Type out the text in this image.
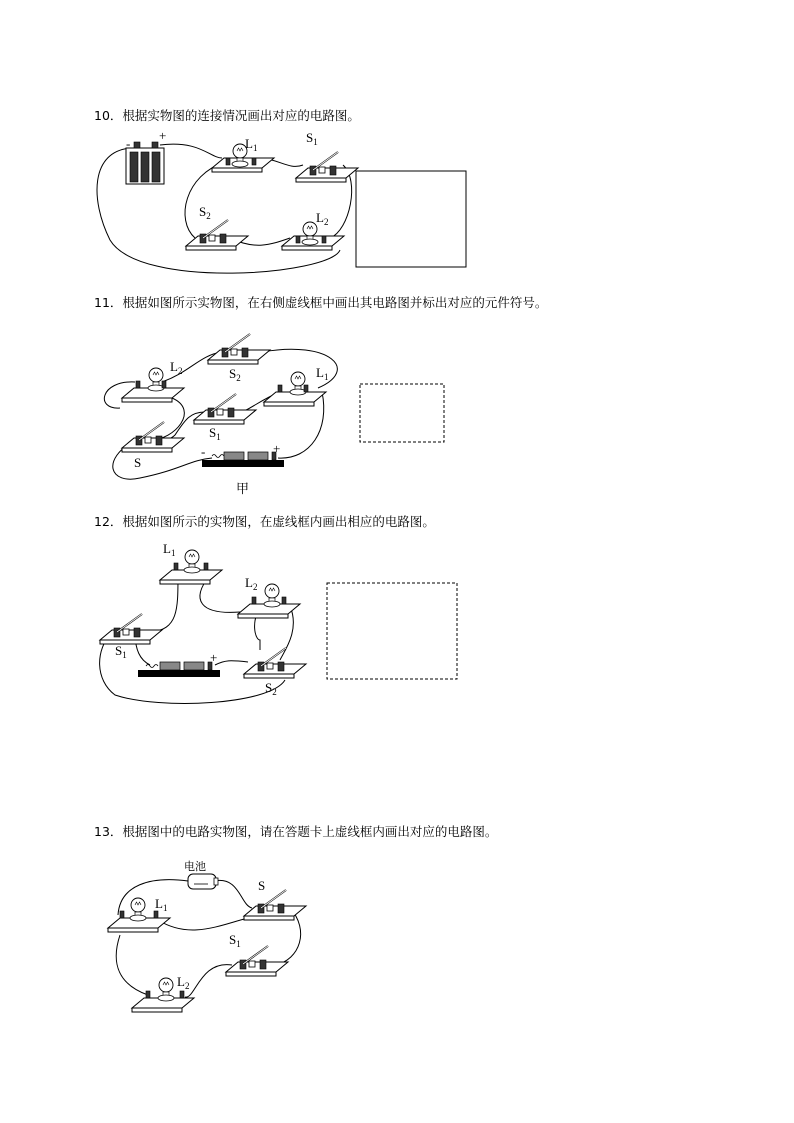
10．根据实物图的连接情况画出对应的电路图。
11．根据如图所示实物图，在右侧虚线框中画出其电路图并标出对应的元件符号。
12．根据如图所示的实物图，在虚线框内画出相应的电路图。
13．根据图中的电路实物图，请在答题卡上虚线框内画出对应的电路图。
-
+
$L_1$
$S_1$
$S_2$	$L_2$
$L_2$	$S_2$	$L_1$
$S_1$
S
-	+
甲
$L_1$
$L_2$
$S_1$
$S_2$
+
电池
$L_1$
S
$S_1$
$L_2$
